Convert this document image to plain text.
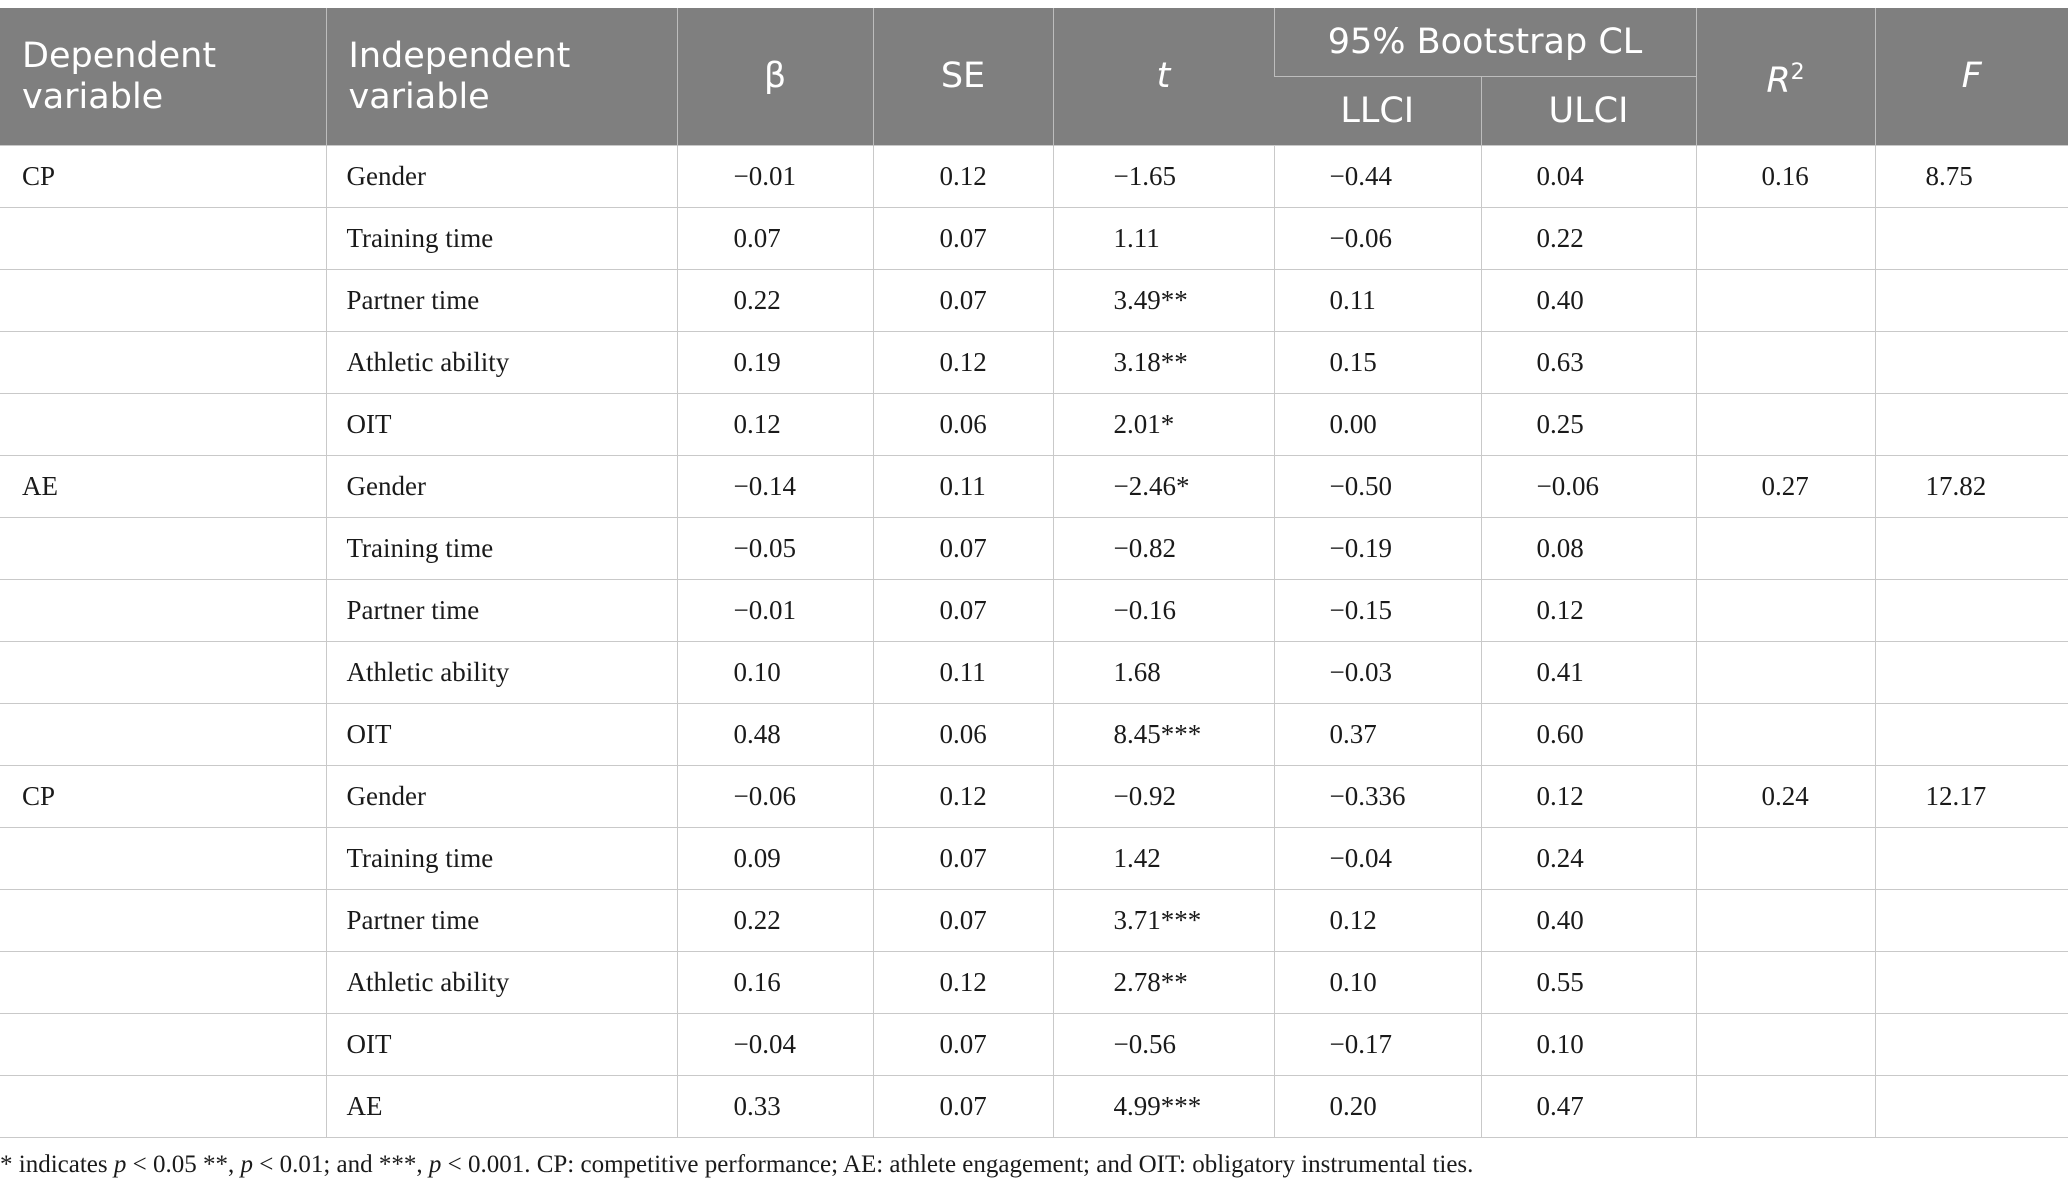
Dependent variable	Independent variable	β	SE	t	95% Bootstrap CL		$R^2$	F
					LLCI	ULCI		
CP	Gender	−0.01	0.12	−1.65	−0.44	0.04	0.16	8.75
	Training time	0.07	0.07	1.11	−0.06	0.22		
	Partner time	0.22	0.07	3.49**	0.11	0.40		
	Athletic ability	0.19	0.12	3.18**	0.15	0.63		
	OIT	0.12	0.06	2.01*	0.00	0.25		
AE	Gender	−0.14	0.11	−2.46*	−0.50	−0.06	0.27	17.82
	Training time	−0.05	0.07	−0.82	−0.19	0.08		
	Partner time	−0.01	0.07	−0.16	−0.15	0.12		
	Athletic ability	0.10	0.11	1.68	−0.03	0.41		
	OIT	0.48	0.06	8.45***	0.37	0.60		
CP	Gender	−0.06	0.12	−0.92	−0.336	0.12	0.24	12.17
	Training time	0.09	0.07	1.42	−0.04	0.24		
	Partner time	0.22	0.07	3.71***	0.12	0.40		
	Athletic ability	0.16	0.12	2.78**	0.10	0.55		
	OIT	−0.04	0.07	−0.56	−0.17	0.10		
	AE	0.33	0.07	4.99***	0.20	0.47		
* indicates p < 0.05 **, p < 0.01; and ***, p < 0.001. CP: competitive performance; AE: athlete engagement; and OIT: obligatory instrumental ties.
